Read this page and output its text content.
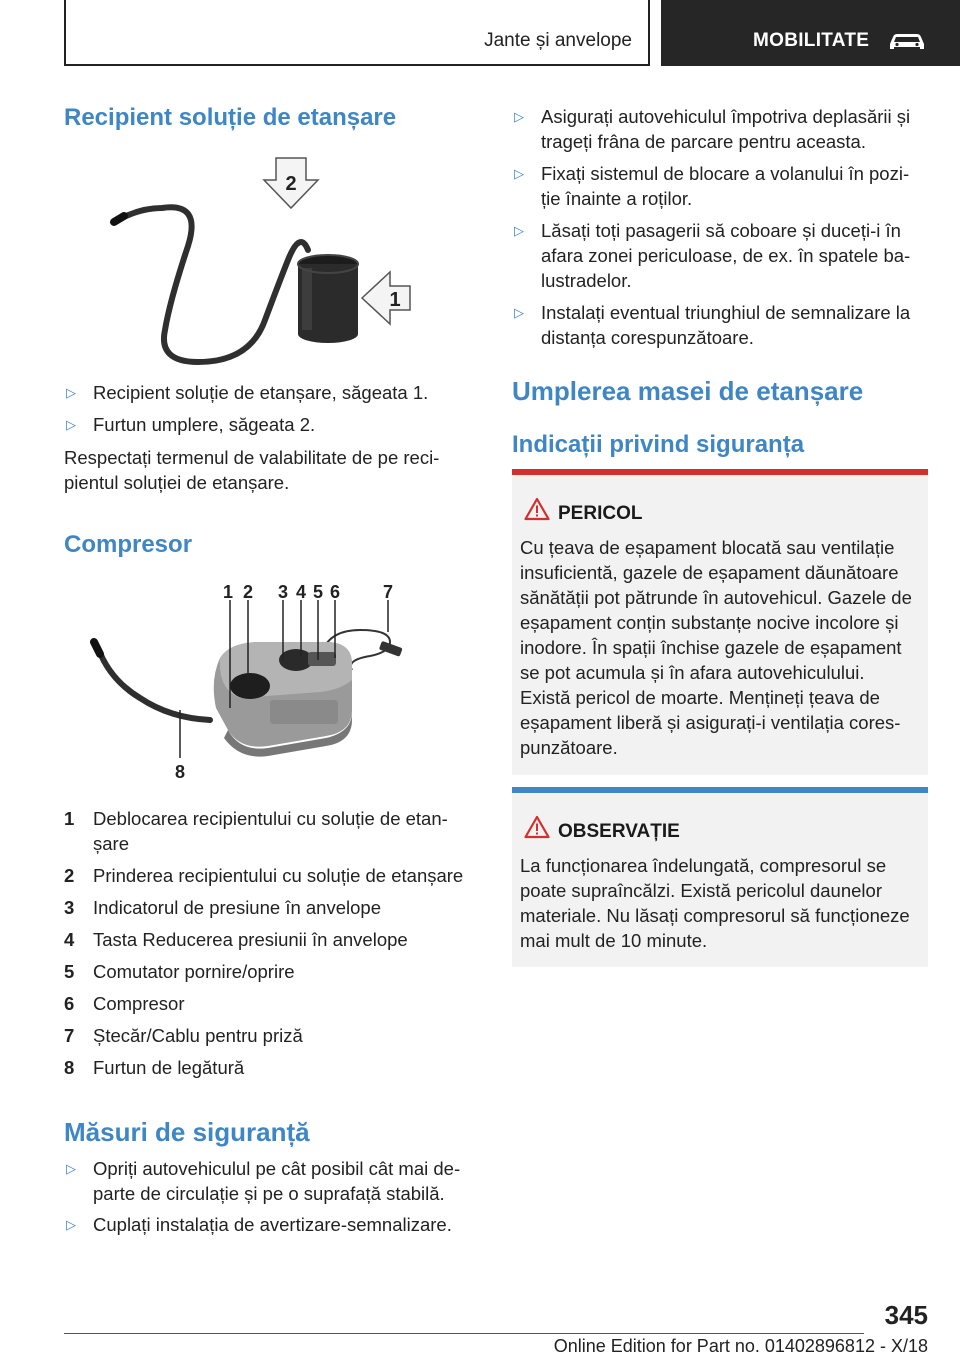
Jante și anvelope	MOBILITATE
Recipient soluție de etanșare
2
1
▷ Recipient soluție de etanșare, săgeata 1.
▷ Furtun umplere, săgeata 2.
Respectați termenul de valabilitate de pe reci‐
pientul soluției de etanșare.
Compresor
1 2 3 4 5 6 7
8
1 Deblocarea recipientului cu soluție de etan‐
șare
2 Prinderea recipientului cu soluție de etanșare
3 Indicatorul de presiune în anvelope
4 Tasta Reducerea presiunii în anvelope
5 Comutator pornire/oprire
6 Compresor
7 Ștecăr/Cablu pentru priză
8 Furtun de legătură
Măsuri de siguranță
▷ Opriți autovehiculul pe cât posibil cât mai de‐
parte de circulație și pe o suprafață stabilă.
▷ Cuplați instalația de avertizare-semnalizare.
▷ Asigurați autovehiculul împotriva deplasării și
trageți frâna de parcare pentru aceasta.
▷ Fixați sistemul de blocare a volanului în pozi‐
ție înainte a roților.
▷ Lăsați toți pasagerii să coboare și duceți-i în
afara zonei periculoase, de ex. în spatele ba‐
lustradelor.
▷ Instalați eventual triunghiul de semnalizare la
distanța corespunzătoare.
Umplerea masei de etanșare
Indicații privind siguranța
PERICOL
Cu țeava de eșapament blocată sau ventilație
insuficientă, gazele de eșapament dăunătoare
sănătății pot pătrunde în autovehicul. Gazele de
eșapament conțin substanțe nocive incolore și
inodore. În spații închise gazele de eșapament
se pot acumula și în afara autovehiculului.
Există pericol de moarte. Mențineți țeava de
eșapament liberă și asigurați-i ventilația cores‐
punzătoare.
OBSERVAȚIE
La funcționarea îndelungată, compresorul se
poate supraîncălzi. Există pericolul daunelor
materiale. Nu lăsați compresorul să funcționeze
mai mult de 10 minute.
345
Online Edition for Part no. 01402896812 - X/18
